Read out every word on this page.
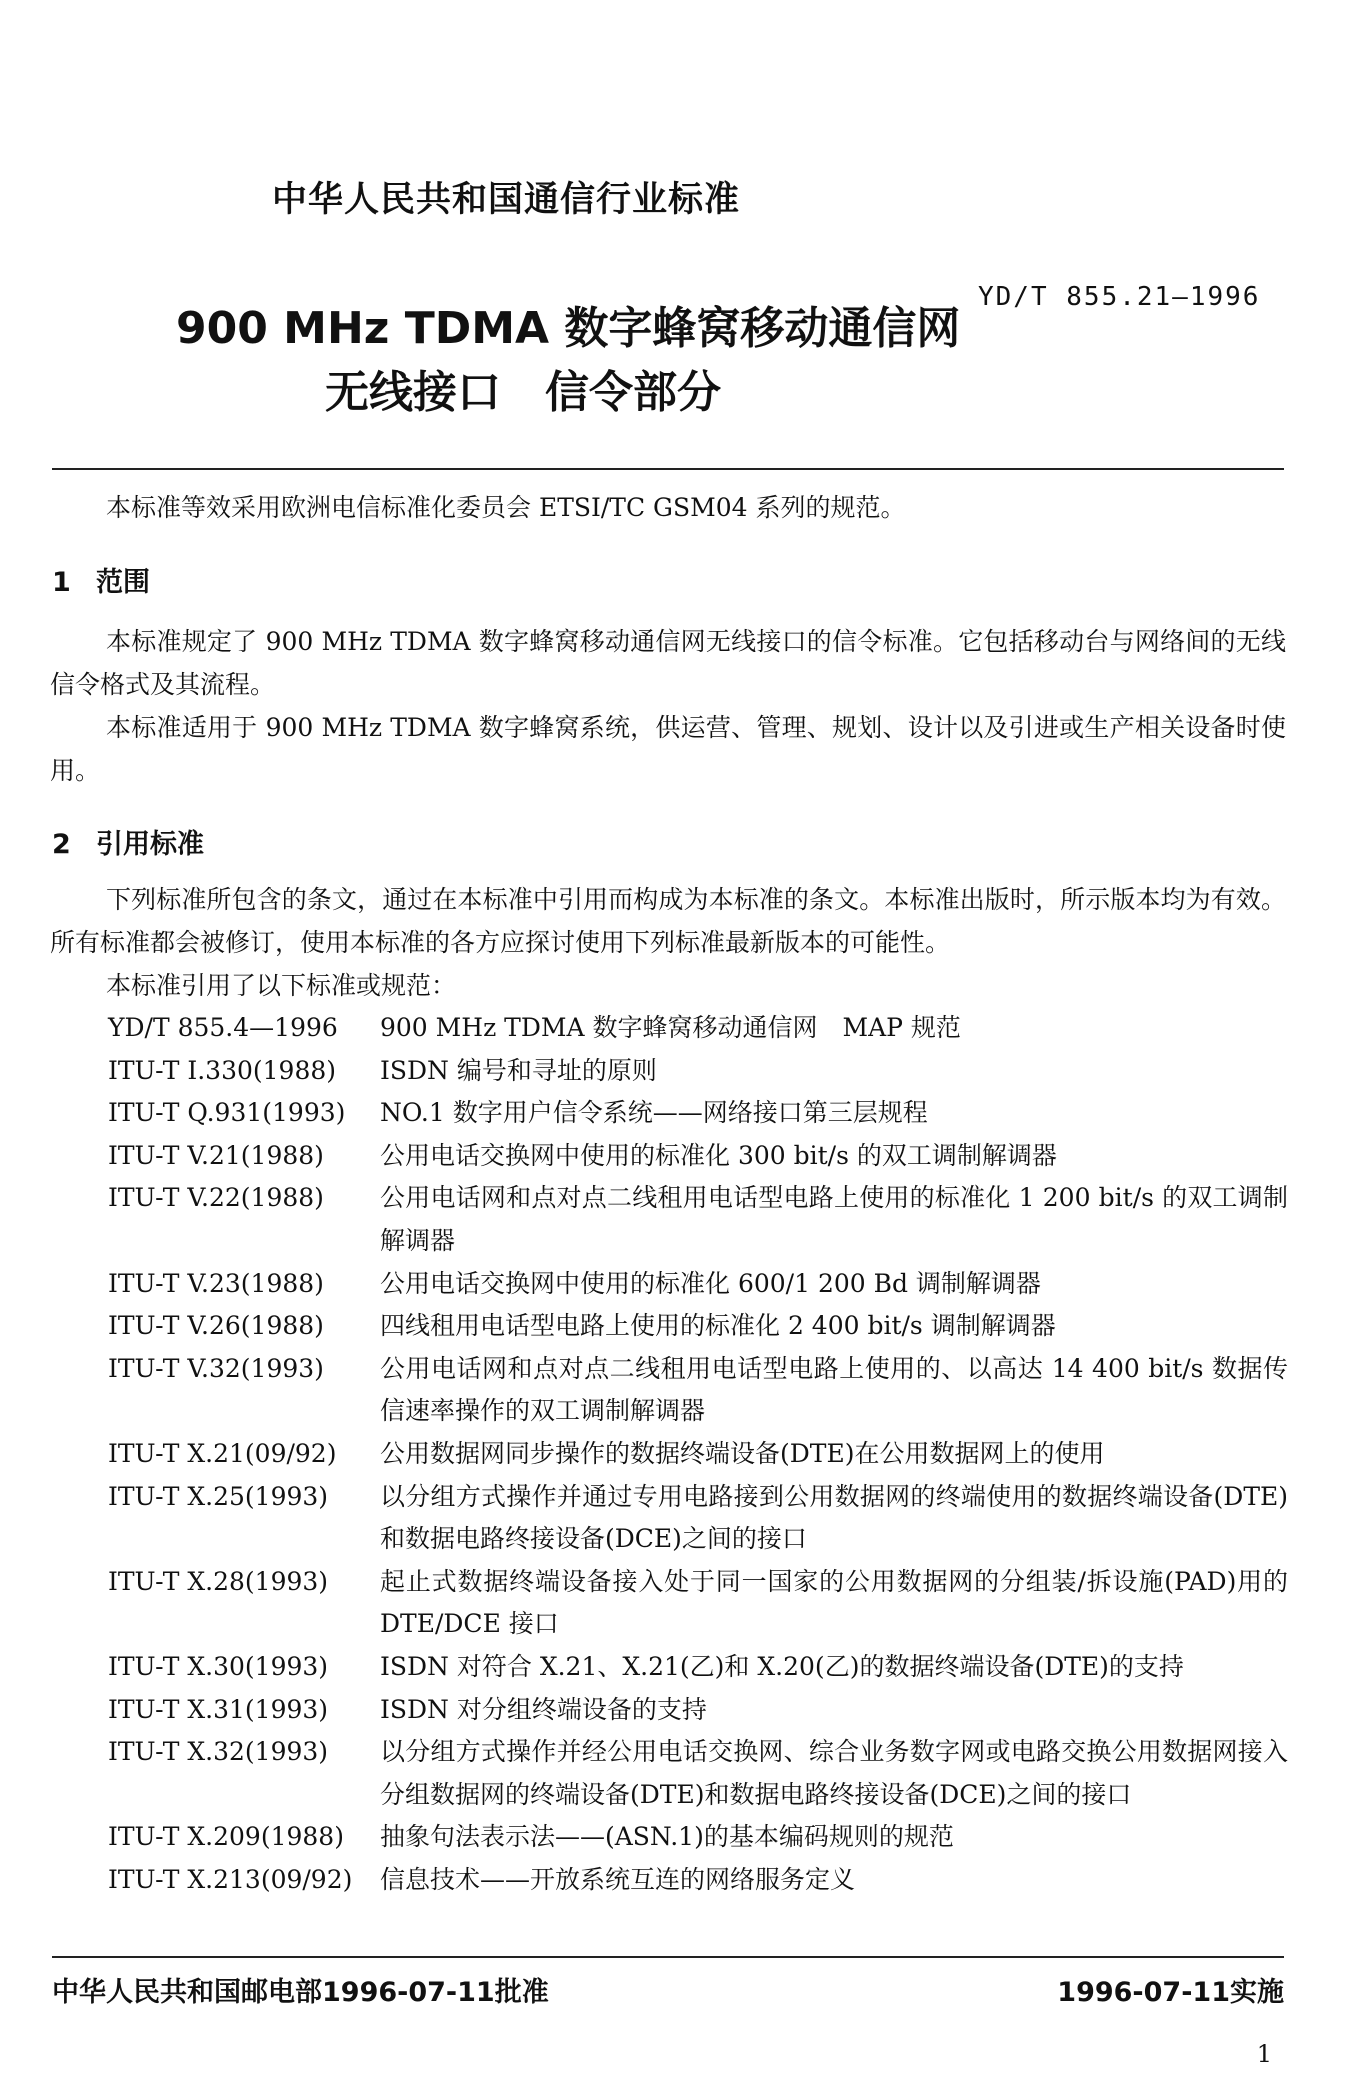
中华人民共和国通信行业标准
900 MHz TDMA 数字蜂窝移动通信网
无线接口　信令部分
YD/T 855.21—1996

本标准等效采用欧洲电信标准化委员会 ETSI/TC GSM04 系列的规范。

1 范围

本标准规定了 900 MHz TDMA 数字蜂窝移动通信网无线接口的信令标准。它包括移动台与网络间的无线信令格式及其流程。

本标准适用于 900 MHz TDMA 数字蜂窝系统，供运营、管理、规划、设计以及引进或生产相关设备时使用。

2 引用标准

下列标准所包含的条文，通过在本标准中引用而构成为本标准的条文。本标准出版时，所示版本均为有效。所有标准都会被修订，使用本标准的各方应探讨使用下列标准最新版本的可能性。

本标准引用了以下标准或规范：

YD/T 855.4—1996	900 MHz TDMA 数字蜂窝移动通信网　MAP 规范
ITU-T I.330(1988)	ISDN 编号和寻址的原则
ITU-T Q.931(1993)	NO.1 数字用户信令系统——网络接口第三层规程
ITU-T V.21(1988)	公用电话交换网中使用的标准化 300 bit/s 的双工调制解调器
ITU-T V.22(1988)	公用电话网和点对点二线租用电话型电路上使用的标准化 1 200 bit/s 的双工调制解调器
ITU-T V.23(1988)	公用电话交换网中使用的标准化 600/1 200 Bd 调制解调器
ITU-T V.26(1988)	四线租用电话型电路上使用的标准化 2 400 bit/s 调制解调器
ITU-T V.32(1993)	公用电话网和点对点二线租用电话型电路上使用的、以高达 14 400 bit/s 数据传信速率操作的双工调制解调器
ITU-T X.21(09/92)	公用数据网同步操作的数据终端设备(DTE)在公用数据网上的使用
ITU-T X.25(1993)	以分组方式操作并通过专用电路接到公用数据网的终端使用的数据终端设备(DTE)和数据电路终接设备(DCE)之间的接口
ITU-T X.28(1993)	起止式数据终端设备接入处于同一国家的公用数据网的分组装/拆设施(PAD)用的 DTE/DCE 接口
ITU-T X.30(1993)	ISDN 对符合 X.21、X.21(乙)和 X.20(乙)的数据终端设备(DTE)的支持
ITU-T X.31(1993)	ISDN 对分组终端设备的支持
ITU-T X.32(1993)	以分组方式操作并经公用电话交换网、综合业务数字网或电路交换公用数据网接入分组数据网的终端设备(DTE)和数据电路终接设备(DCE)之间的接口
ITU-T X.209(1988)	抽象句法表示法——(ASN.1)的基本编码规则的规范
ITU-T X.213(09/92)	信息技术——开放系统互连的网络服务定义
中华人民共和国邮电部1996-07-11批准	1996-07-11实施
1
